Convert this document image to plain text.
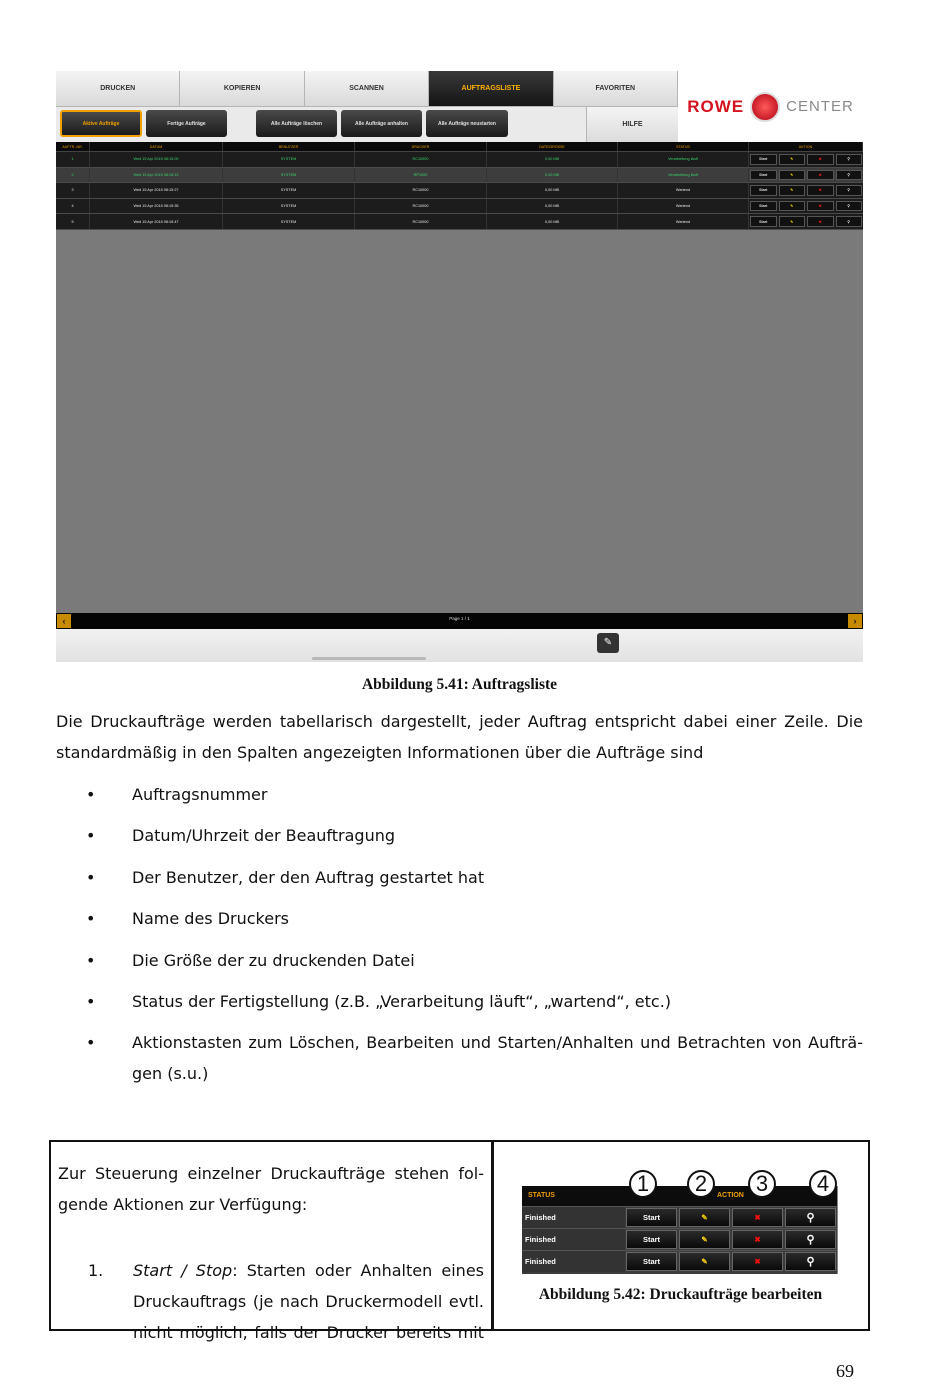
DRUCKEN	KOPIEREN	SCANNEN	AUFTRAGSLISTE	FAVORITEN
Aktive Aufträge	Fertige Aufträge	Alle Aufträge löschen	Alle Aufträge anhalten	Alle Aufträge neustarten	HILFE
ROWE	CENTER
AUFTR.-NR.	DATUM	BENUTZER	DRUCKER	DATEIGRÖSSE	STATUS	AKTION
1	Wed 15 Apr 2015 08:15:00	SYSTEM	RC10000	0,00 MB	Verarbeitung läuft	Start	✎	✖	⚲
2	Wed 15 Apr 2015 08:15:12	SYSTEM	RP1000	0,00 MB	Verarbeitung läuft	Start	✎	✖	⚲
3	Wed 15 Apr 2015 08:15:27	SYSTEM	RC10000	0,00 MB	Wartend	Start	✎	✖	⚲
4	Wed 15 Apr 2015 08:15:35	SYSTEM	RC10000	0,00 MB	Wartend	Start	✎	✖	⚲
5	Wed 15 Apr 2015 08:15:47	SYSTEM	RC10000	0,00 MB	Wartend	Start	✎	✖	⚲
‹	Page 1 / 1	›
✎
Abbildung 5.41: Auftragsliste
Die Druckaufträge werden tabellarisch dargestellt, jeder Auftrag entspricht dabei einer Zeile. Die
standardmäßig in den Spalten angezeigten Informationen über die Aufträge sind
• Auftragsnummer
• Datum/Uhrzeit der Beauftragung
• Der Benutzer, der den Auftrag gestartet hat
• Name des Druckers
• Die Größe der zu druckenden Datei
• Status der Fertigstellung (z.B. „Verarbeitung läuft“, „wartend“, etc.)
• Aktionstasten zum Löschen, Bearbeiten und Starten/Anhalten und Betrachten von Aufträ-
gen (s.u.)
Zur Steuerung einzelner Druckaufträge stehen fol-
gende Aktionen zur Verfügung:
1. Start / Stop: Starten oder Anhalten eines
Druckauftrags (je nach Druckermodell evtl.
nicht möglich, falls der Drucker bereits mit
STATUS	ACTION
Finished	Start	✎	✖	⚲
Finished	Start	✎	✖	⚲
Finished	Start	✎	✖	⚲
1	2	3	4
Abbildung 5.42: Druckaufträge bearbeiten
69
